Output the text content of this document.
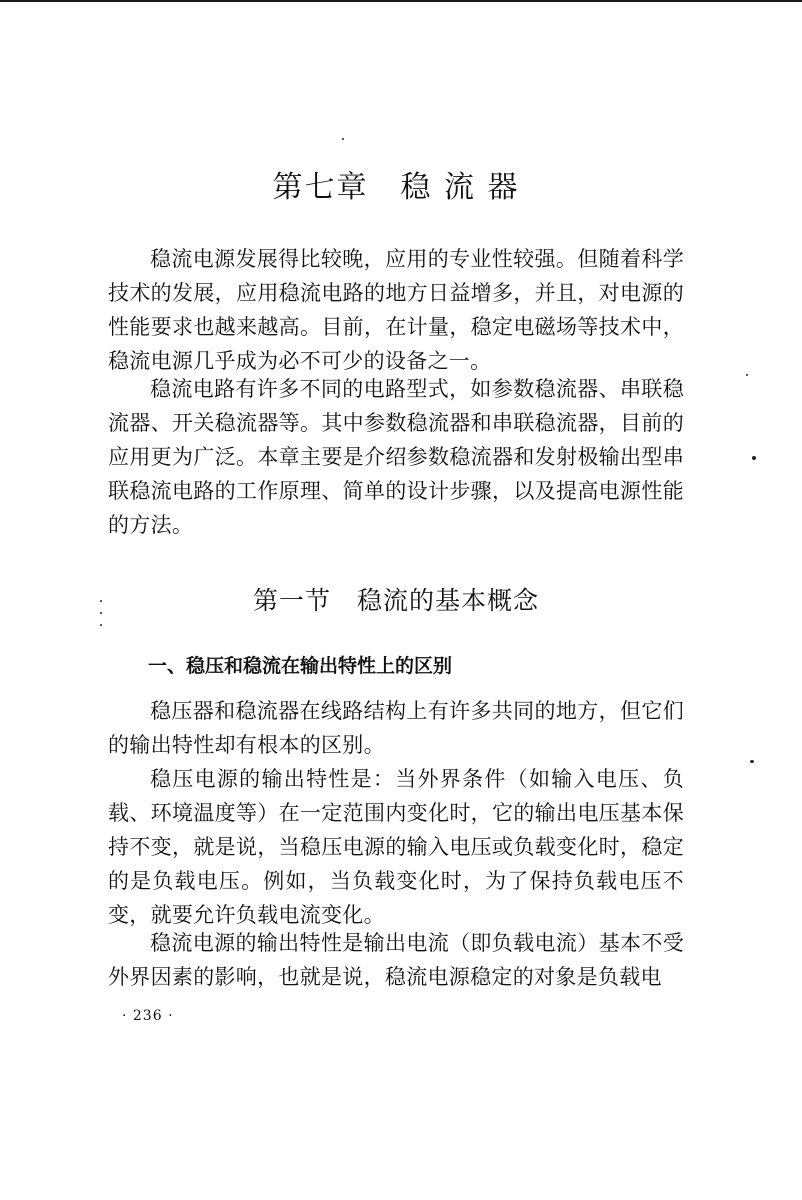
第七章　稳 流 器

稳流电源发展得比较晚，应用的专业性较强。但随着科学技术的发展，应用稳流电路的地方日益增多，并且，对电源的性能要求也越来越高。目前，在计量，稳定电磁场等技术中，稳流电源几乎成为必不可少的设备之一。

稳流电路有许多不同的电路型式，如参数稳流器、串联稳流器、开关稳流器等。其中参数稳流器和串联稳流器，目前的应用更为广泛。本章主要是介绍参数稳流器和发射极输出型串联稳流电路的工作原理、简单的设计步骤，以及提高电源性能的方法。

第一节　稳流的基本概念
一、稳压和稳流在输出特性上的区别

稳压器和稳流器在线路结构上有许多共同的地方，但它们的输出特性却有根本的区别。

稳压电源的输出特性是：当外界条件（如输入电压、负载、环境温度等）在一定范围内变化时，它的输出电压基本保持不变，就是说，当稳压电源的输入电压或负载变化时，稳定的是负载电压。例如，当负载变化时，为了保持负载电压不变，就要允许负载电流变化。

稳流电源的输出特性是输出电流（即负载电流）基本不受外界因素的影响，也就是说，稳流电源稳定的对象是负载电

· 236 ·
